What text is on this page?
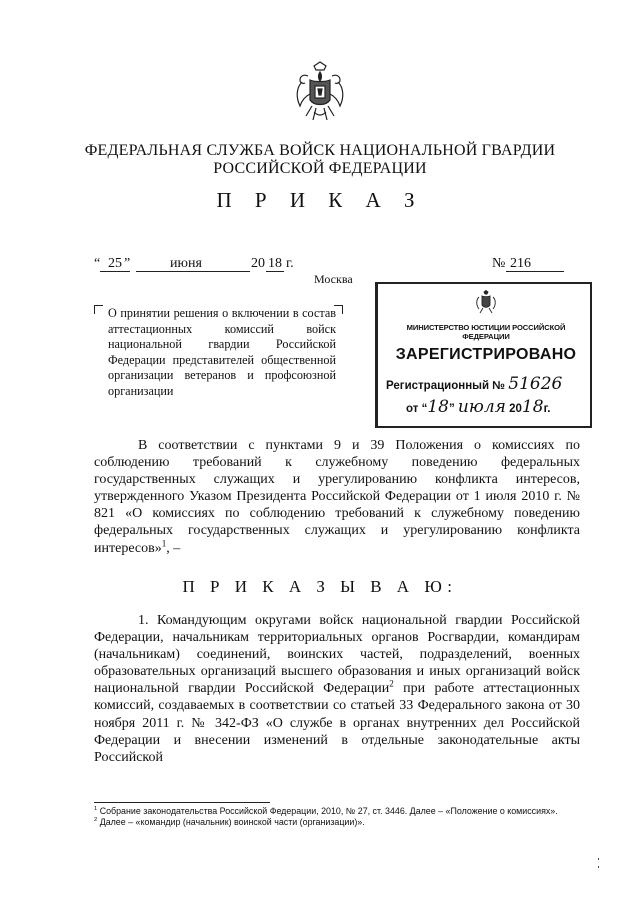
ФЕДЕРАЛЬНАЯ СЛУЖБА ВОЙСК НАЦИОНАЛЬНОЙ ГВАРДИИ
РОССИЙСКОЙ ФЕДЕРАЦИИ
П Р И К А З
“ 25 ”	июня	20 18 г.	№ 216
Москва
О принятии решения о включении в состав аттестационных комиссий войск национальной гвардии Российской Федерации представителей общественной организации ветеранов и профсоюзной организации
МИНИСТЕРСТВО ЮСТИЦИИ РОССИЙСКОЙ ФЕДЕРАЦИИ
ЗАРЕГИСТРИРОВАНО
Регистрационный № 51626
от “18” июля 2018г.
В соответствии с пунктами 9 и 39 Положения о комиссиях по соблюдению требований к служебному поведению федеральных государственных служащих и урегулированию конфликта интересов, утвержденного Указом Президента Российской Федерации от 1 июля 2010 г. № 821 «О комиссиях по соблюдению требований к служебному поведению федеральных государственных служащих и урегулированию конфликта интересов»$^1$, –
П Р И К А З Ы В А Ю:
1. Командующим округами войск национальной гвардии Российской Федерации, начальникам территориальных органов Росгвардии, командирам (начальникам) соединений, воинских частей, подразделений, военных образовательных организаций высшего образования и иных организаций войск национальной гвардии Российской Федерации$^2$ при работе аттестационных комиссий, создаваемых в соответствии со статьей 33 Федерального закона от 30 ноября 2011 г. № 342-ФЗ «О службе в органах внутренних дел Российской Федерации и внесении изменений в отдельные законодательные акты Российской
$^1$ Собрание законодательства Российской Федерации, 2010, № 27, ст. 3446. Далее – «Положение о комиссиях».
$^2$ Далее – «командир (начальник) воинской части (организации)».
